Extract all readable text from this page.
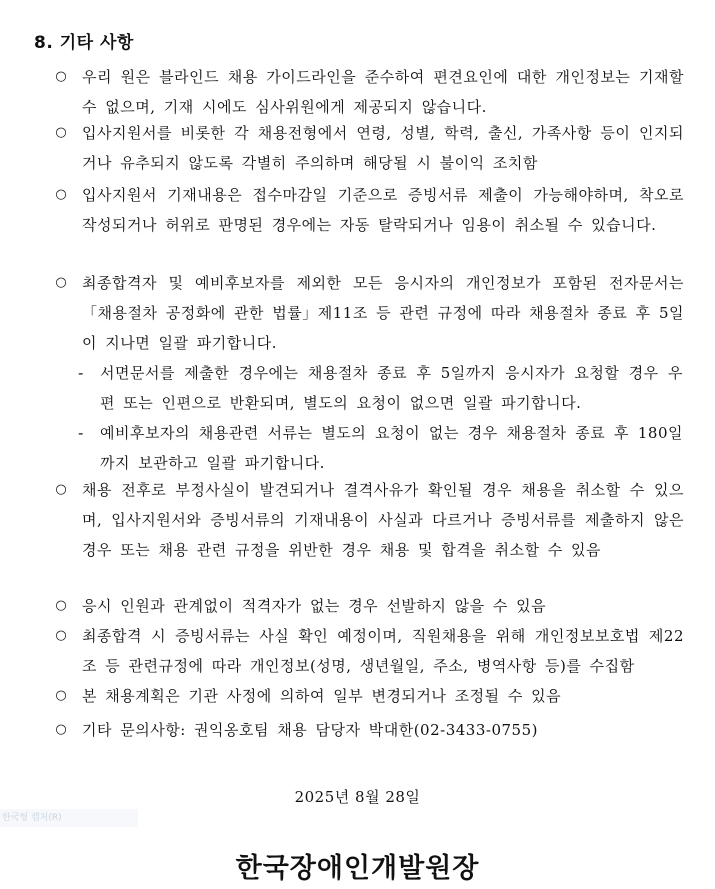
8. 기타 사항
○ 우리 원은 블라인드 채용 가이드라인을 준수하여 편견요인에 대한 개인정보는 기재할 수 없으며, 기재 시에도 심사위원에게 제공되지 않습니다.
○ 입사지원서를 비롯한 각 채용전형에서 연령, 성별, 학력, 출신, 가족사항 등이 인지되거나 유추되지 않도록 각별히 주의하며 해당될 시 불이익 조치함
○ 입사지원서 기재내용은 접수마감일 기준으로 증빙서류 제출이 가능해야하며, 착오로 작성되거나 허위로 판명된 경우에는 자동 탈락되거나 임용이 취소될 수 있습니다.
○ 최종합격자 및 예비후보자를 제외한 모든 응시자의 개인정보가 포함된 전자문서는「채용절차 공정화에 관한 법률」제11조 등 관련 규정에 따라 채용절차 종료 후 5일이 지나면 일괄 파기합니다.
-	서면문서를 제출한 경우에는 채용절차 종료 후 5일까지 응시자가 요청할 경우 우편 또는 인편으로 반환되며, 별도의 요청이 없으면 일괄 파기합니다.
-	예비후보자의 채용관련 서류는 별도의 요청이 없는 경우 채용절차 종료 후 180일까지 보관하고 일괄 파기합니다.
○ 채용 전후로 부정사실이 발견되거나 결격사유가 확인될 경우 채용을 취소할 수 있으며, 입사지원서와 증빙서류의 기재내용이 사실과 다르거나 증빙서류를 제출하지 않은 경우 또는 채용 관련 규정을 위반한 경우 채용 및 합격을 취소할 수 있음
○ 응시 인원과 관계없이 적격자가 없는 경우 선발하지 않을 수 있음
○ 최종합격 시 증빙서류는 사실 확인 예정이며, 직원채용을 위해 개인정보보호법 제22조 등 관련규정에 따라 개인정보(성명, 생년월일, 주소, 병역사항 등)를 수집함
○ 본 채용계획은 기관 사정에 의하여 일부 변경되거나 조정될 수 있음
○ 기타 문의사항: 권익옹호팀 채용 담당자 박대한(02-3433-0755)
2025년 8월 28일
한국형 캡처(R)
한국장애인개발원장
